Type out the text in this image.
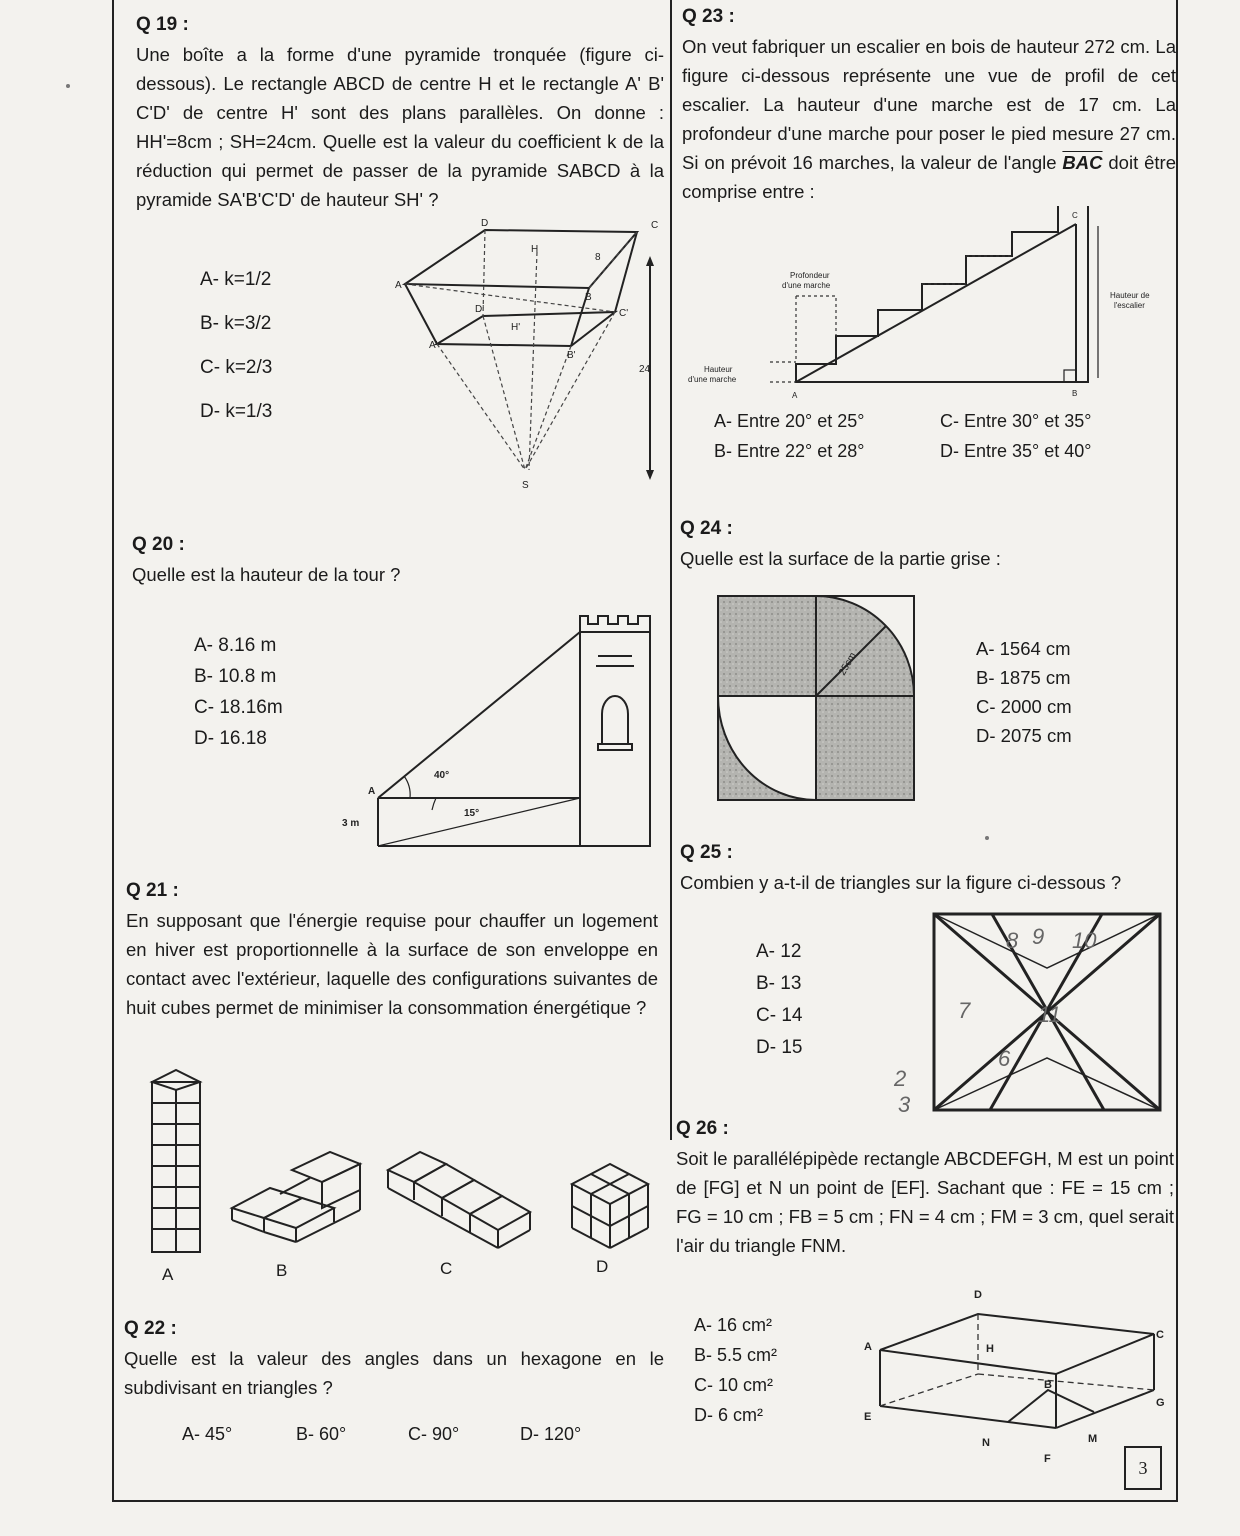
Q 19 :
Une boîte a la forme d'une pyramide tronquée (figure ci-dessous). Le rectangle ABCD de centre H et le rectangle A' B' C'D' de centre H' sont des plans parallèles. On donne : HH'=8cm ; SH=24cm. Quelle est la valeur du coefficient k de la réduction qui permet de passer de la pyramide SABCD à la pyramide SA'B'C'D' de hauteur SH' ?
A- k=1/2
B- k=3/2
C- k=2/3
D- k=1/3
D	C
A
B
H
H'
A'
B'
C'
D'
8
24
S
Q 20 :
Quelle est la hauteur de la tour ?
A- 8.16 m
B- 10.8 m
C- 18.16m
D- 16.18
40°
15°
3 m
A
Q 21 :
En supposant que l'énergie requise pour chauffer un logement en hiver est proportionnelle à la surface de son enveloppe en contact avec l'extérieur, laquelle des configurations suivantes de huit cubes permet de minimiser la consommation énergétique ?
A	B	C	D
Q 22 :
Quelle est la valeur des angles dans un hexagone en le subdivisant en triangles ?
A- 45°	B- 60°	C- 90°	D- 120°
Q 23 :
On veut fabriquer un escalier en bois de hauteur 272 cm. La figure ci-dessous représente une vue de profil de cet escalier. La hauteur d'une marche est de 17 cm. La profondeur d'une marche pour poser le pied mesure 27 cm. Si on prévoit 16 marches, la valeur de l'angle $\overline{BAC}$ doit être comprise entre :
Profondeur
d'une marche
Hauteur
d'une marche
Hauteur de
l'escalier
A	B
C
A- Entre 20° et 25°
B- Entre 22° et 28°
C- Entre 30° et 35°
D- Entre 35° et 40°
Q 24 :
Quelle est la surface de la partie grise :
25cm
A- 1564 cm
B- 1875 cm
C- 2000 cm
D- 2075 cm
Q 25 :
Combien y a-t-il de triangles sur la figure ci-dessous ?
A- 12
B- 13
C- 14
D- 15
8 9 10
7	11
6
2
3
Q 26 :
Soit le parallélépipède rectangle ABCDEFGH, M est un point de [FG] et N un point de [EF]. Sachant que : FE = 15 cm ; FG = 10 cm ; FB = 5 cm ; FN = 4 cm ; FM = 3 cm, quel serait l'air du triangle FNM.
A- 16 cm²
B- 5.5 cm²
C- 10 cm²
D- 6 cm²
D
A
C
H
B
G
E
N
F
M
3
